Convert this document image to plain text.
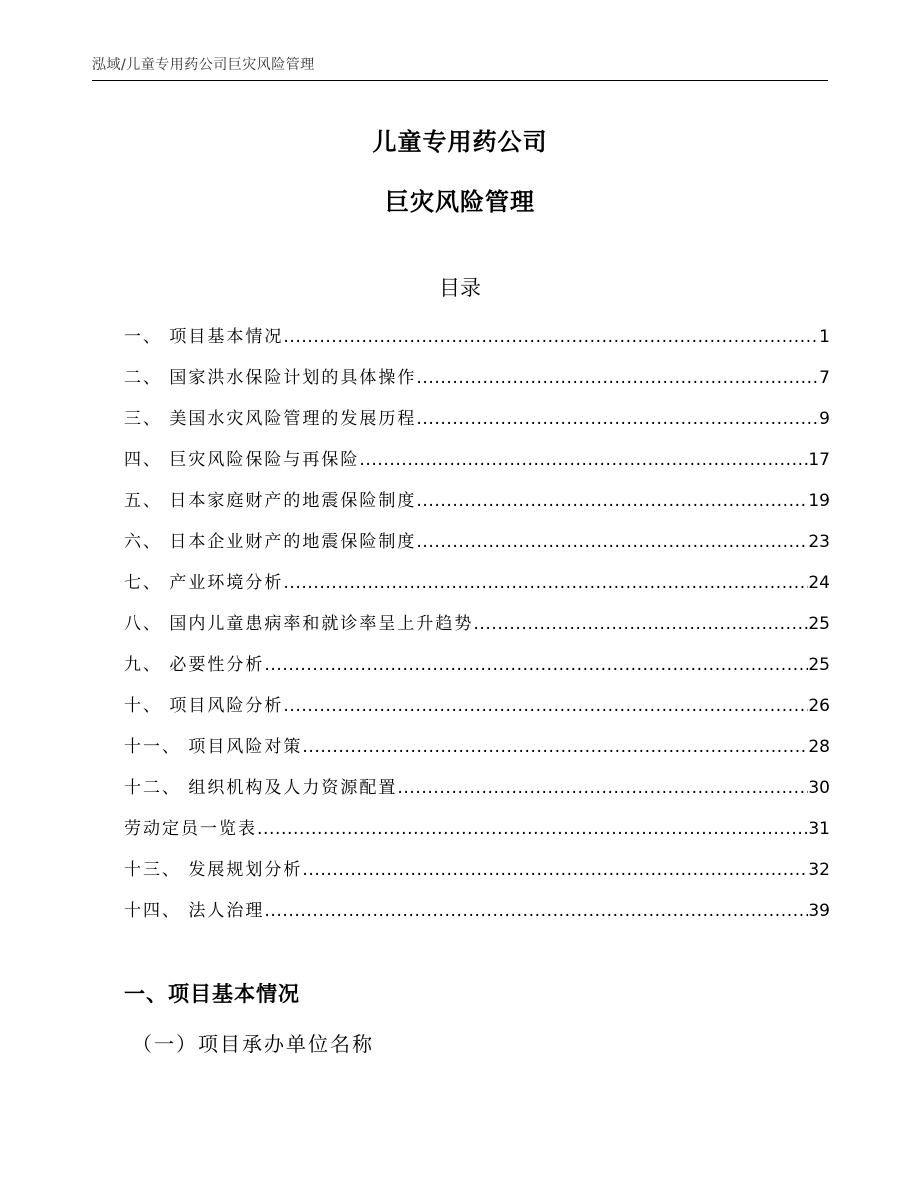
泓域/儿童专用药公司巨灾风险管理
儿童专用药公司
巨灾风险管理
目录
一、 项目基本情况 .....	1
二、 国家洪水保险计划的具体操作 .....	7
三、 美国水灾风险管理的发展历程 .....	9
四、 巨灾风险保险与再保险 .....	17
五、 日本家庭财产的地震保险制度 .....	19
六、 日本企业财产的地震保险制度 .....	23
七、 产业环境分析 .....	24
八、 国内儿童患病率和就诊率呈上升趋势 .....	25
九、 必要性分析 .....	25
十、 项目风险分析 .....	26
十一、 项目风险对策 .....	28
十二、 组织机构及人力资源配置 .....	30
劳动定员一览表 .....	31
十三、 发展规划分析 .....	32
十四、 法人治理 .....	39
一、项目基本情况
（一）项目承办单位名称
